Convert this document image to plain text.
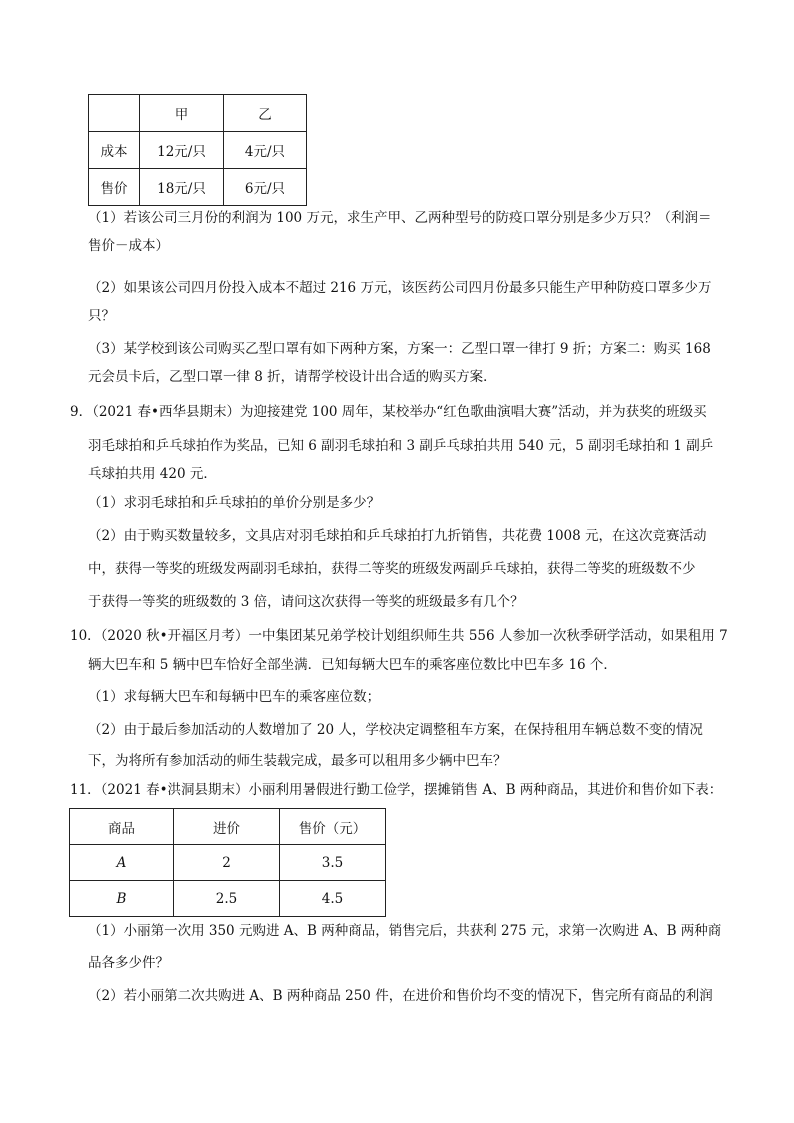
	甲	乙
成本	12元/只	4元/只
售价	18元/只	6元/只
（1）若该公司三月份的利润为 100 万元，求生产甲、乙两种型号的防疫口罩分别是多少万只？（利润＝
售价－成本）
（2）如果该公司四月份投入成本不超过 216 万元，该医药公司四月份最多只能生产甲种防疫口罩多少万
只？
（3）某学校到该公司购买乙型口罩有如下两种方案，方案一：乙型口罩一律打 9 折；方案二：购买 168
元会员卡后，乙型口罩一律 8 折，请帮学校设计出合适的购买方案．
9．（2021 春•西华县期末）为迎接建党 100 周年，某校举办“红色歌曲演唱大赛”活动，并为获奖的班级买
羽毛球拍和乒乓球拍作为奖品，已知 6 副羽毛球拍和 3 副乒乓球拍共用 540 元，5 副羽毛球拍和 1 副乒
乓球拍共用 420 元．
（1）求羽毛球拍和乒乓球拍的单价分别是多少？
（2）由于购买数量较多，文具店对羽毛球拍和乒乓球拍打九折销售，共花费 1008 元，在这次竞赛活动
中，获得一等奖的班级发两副羽毛球拍，获得二等奖的班级发两副乒乓球拍，获得二等奖的班级数不少
于获得一等奖的班级数的 3 倍，请问这次获得一等奖的班级最多有几个？
10．（2020 秋•开福区月考）一中集团某兄弟学校计划组织师生共 556 人参加一次秋季研学活动，如果租用 7
辆大巴车和 5 辆中巴车恰好全部坐满．已知每辆大巴车的乘客座位数比中巴车多 16 个．
（1）求每辆大巴车和每辆中巴车的乘客座位数；
（2）由于最后参加活动的人数增加了 20 人，学校决定调整租车方案，在保持租用车辆总数不变的情况
下，为将所有参加活动的师生装载完成，最多可以租用多少辆中巴车？
11．（2021 春•洪洞县期末）小丽利用暑假进行勤工俭学，摆摊销售 A、B 两种商品，其进价和售价如下表：
商品	进价	售价（元）
A	2	3.5
B	2.5	4.5
（1）小丽第一次用 350 元购进 A、B 两种商品，销售完后，共获利 275 元，求第一次购进 A、B 两种商
品各多少件？
（2）若小丽第二次共购进 A、B 两种商品 250 件，在进价和售价均不变的情况下，售完所有商品的利润
